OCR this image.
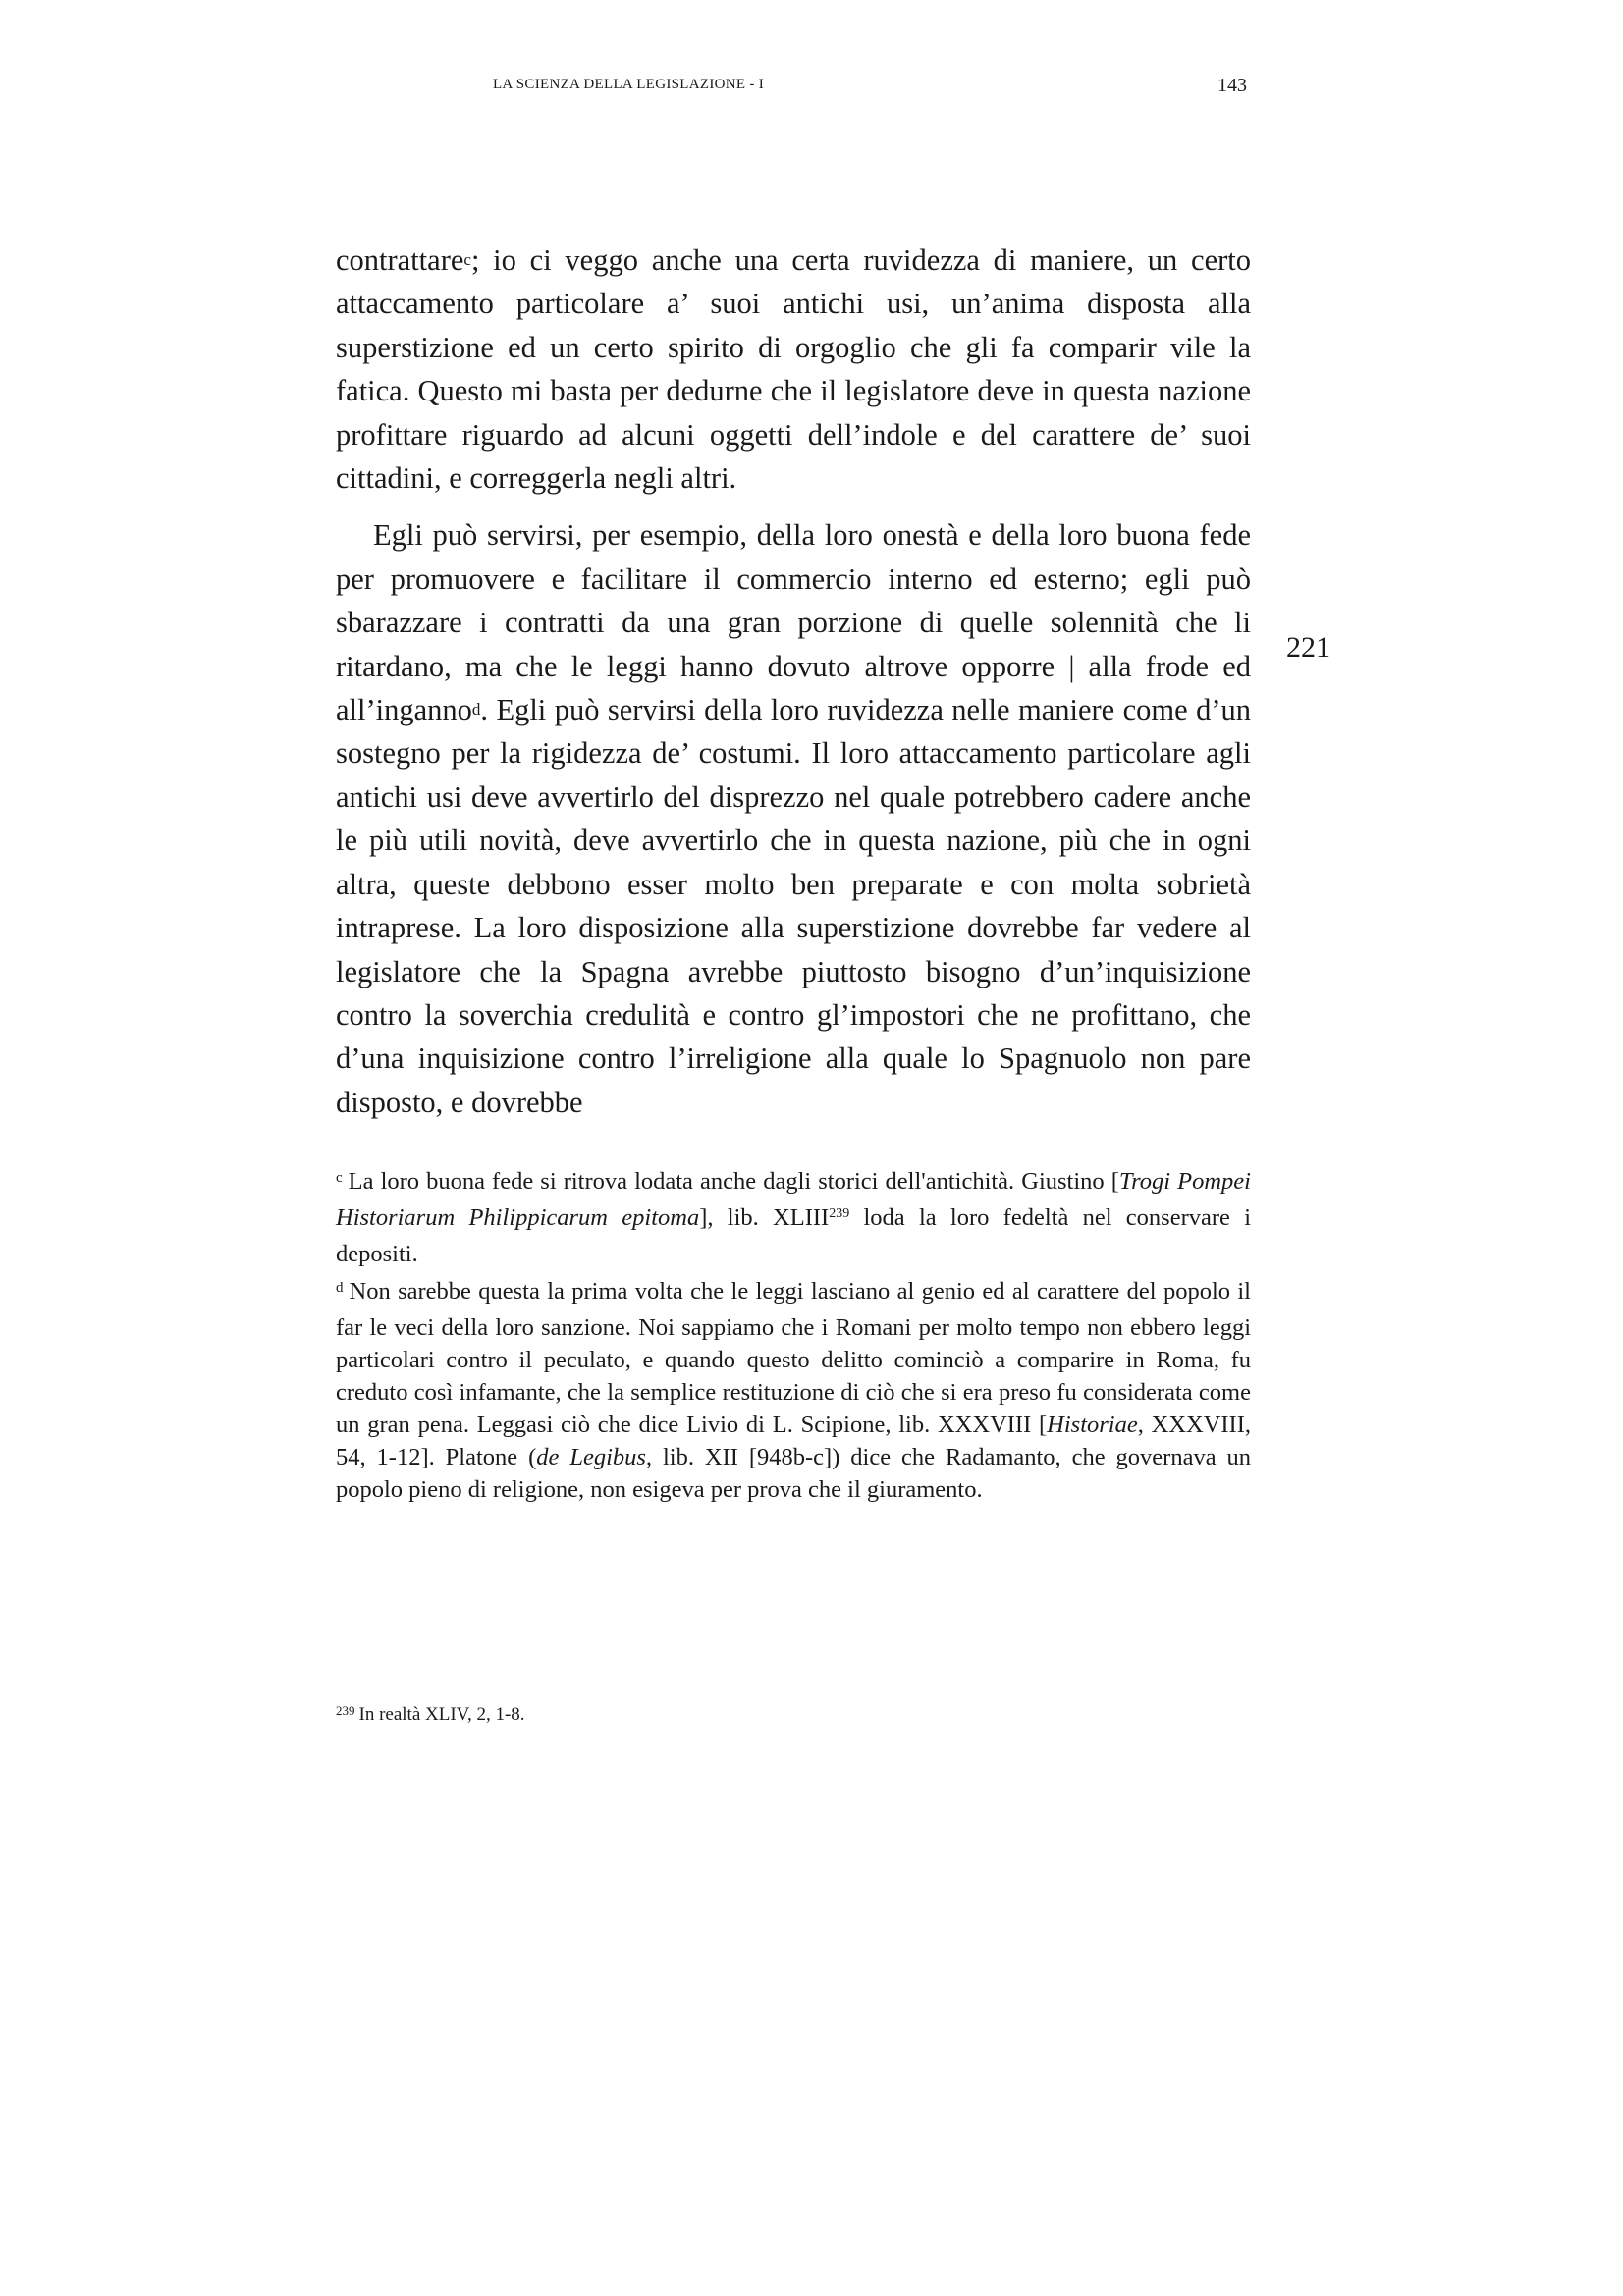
LA SCIENZA DELLA LEGISLAZIONE - I	143

contrattare$^c$; io ci veggo anche una certa ruvidezza di maniere, un certo attaccamento particolare a’ suoi antichi usi, un’anima disposta alla superstizione ed un certo spirito di orgoglio che gli fa comparir vile la fatica. Questo mi basta per dedurne che il legislatore deve in questa nazione profittare riguardo ad alcuni oggetti dell’indole e del carattere de’ suoi cittadini, e correggerla negli altri.

Egli può servirsi, per esempio, della loro onestà e della loro buona fede per promuovere e facilitare il commercio interno ed esterno; egli può sbarazzare i contratti da una gran porzione di quelle solennità che li ritardano, ma che le leggi hanno dovuto altrove opporre | alla frode ed all’inganno$^d$. Egli può servirsi della loro ruvidezza nelle maniere come d’un sostegno per la rigidezza de’ costumi. Il loro attaccamento particolare agli antichi usi deve avvertirlo del disprezzo nel quale potrebbero cadere anche le più utili novità, deve avvertirlo che in questa nazione, più che in ogni altra, queste debbono esser molto ben preparate e con molta sobrietà intraprese. La loro disposizione alla superstizione dovrebbe far vedere al legislatore che la Spagna avrebbe piuttosto bisogno d’un’inquisizione contro la soverchia credulità e contro gl’impostori che ne profittano, che d’una inquisizione contro l’irreligione alla quale lo Spagnuolo non pare disposto, e dovrebbe

221

$^c$ La loro buona fede si ritrova lodata anche dagli storici dell'antichità. Giustino [Trogi Pompei Historiarum Philippicarum epitoma], lib. XLIII$^{239}$ loda la loro fedeltà nel conservare i depositi.

$^d$ Non sarebbe questa la prima volta che le leggi lasciano al genio ed al carattere del popolo il far le veci della loro sanzione. Noi sappiamo che i Romani per molto tempo non ebbero leggi particolari contro il peculato, e quando questo delitto cominciò a comparire in Roma, fu creduto così infamante, che la semplice restituzione di ciò che si era preso fu considerata come un gran pena. Leggasi ciò che dice Livio di L. Scipione, lib. XXXVIII [Historiae, XXXVIII, 54, 1-12]. Platone (de Legibus, lib. XII [948b-c]) dice che Radamanto, che governava un popolo pieno di religione, non esigeva per prova che il giuramento.

$^{239}$ In realtà XLIV, 2, 1-8.
